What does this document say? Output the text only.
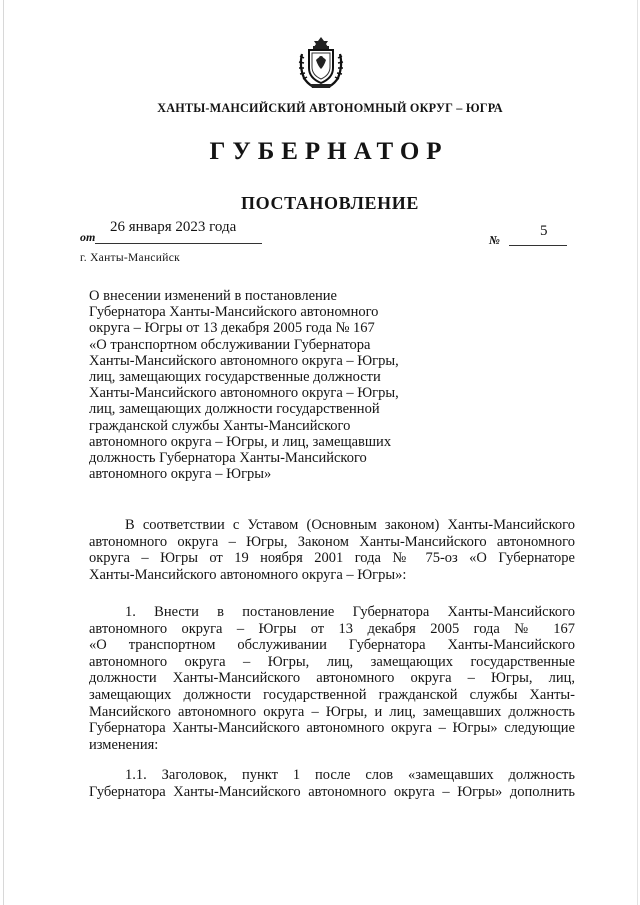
ХАНТЫ-МАНСИЙСКИЙ АВТОНОМНЫЙ ОКРУГ – ЮГРА
ГУБЕРНАТОР
ПОСТАНОВЛЕНИЕ
26 января 2023 года
от	5
№
г. Ханты-Мансийск
О внесении изменений в постановление
Губернатора Ханты-Мансийского автономного
округа – Югры от 13 декабря 2005 года № 167
«О транспортном обслуживании Губернатора
Ханты-Мансийского автономного округа – Югры,
лиц, замещающих государственные должности
Ханты-Мансийского автономного округа – Югры,
лиц, замещающих должности государственной
гражданской службы Ханты-Мансийского
автономного округа – Югры, и лиц, замещавших
должность Губернатора Ханты-Мансийского
автономного округа – Югры»
В соответствии с Уставом (Основным законом) Ханты-Мансийского
автономного округа – Югры, Законом Ханты-Мансийского автономного
округа – Югры от 19 ноября 2001 года № 75-оз «О Губернаторе
Ханты-Мансийского автономного округа – Югры»:
1. Внести в постановление Губернатора Ханты-Мансийского
автономного округа – Югры от 13 декабря 2005 года № 167
«О транспортном обслуживании Губернатора Ханты-Мансийского
автономного округа – Югры, лиц, замещающих государственные
должности Ханты-Мансийского автономного округа – Югры, лиц,
замещающих должности государственной гражданской службы Ханты-
Мансийского автономного округа – Югры, и лиц, замещавших должность
Губернатора Ханты-Мансийского автономного округа – Югры» следующие
изменения:
1.1. Заголовок, пункт 1 после слов «замещавших должность
Губернатора Ханты-Мансийского автономного округа – Югры» дополнить
